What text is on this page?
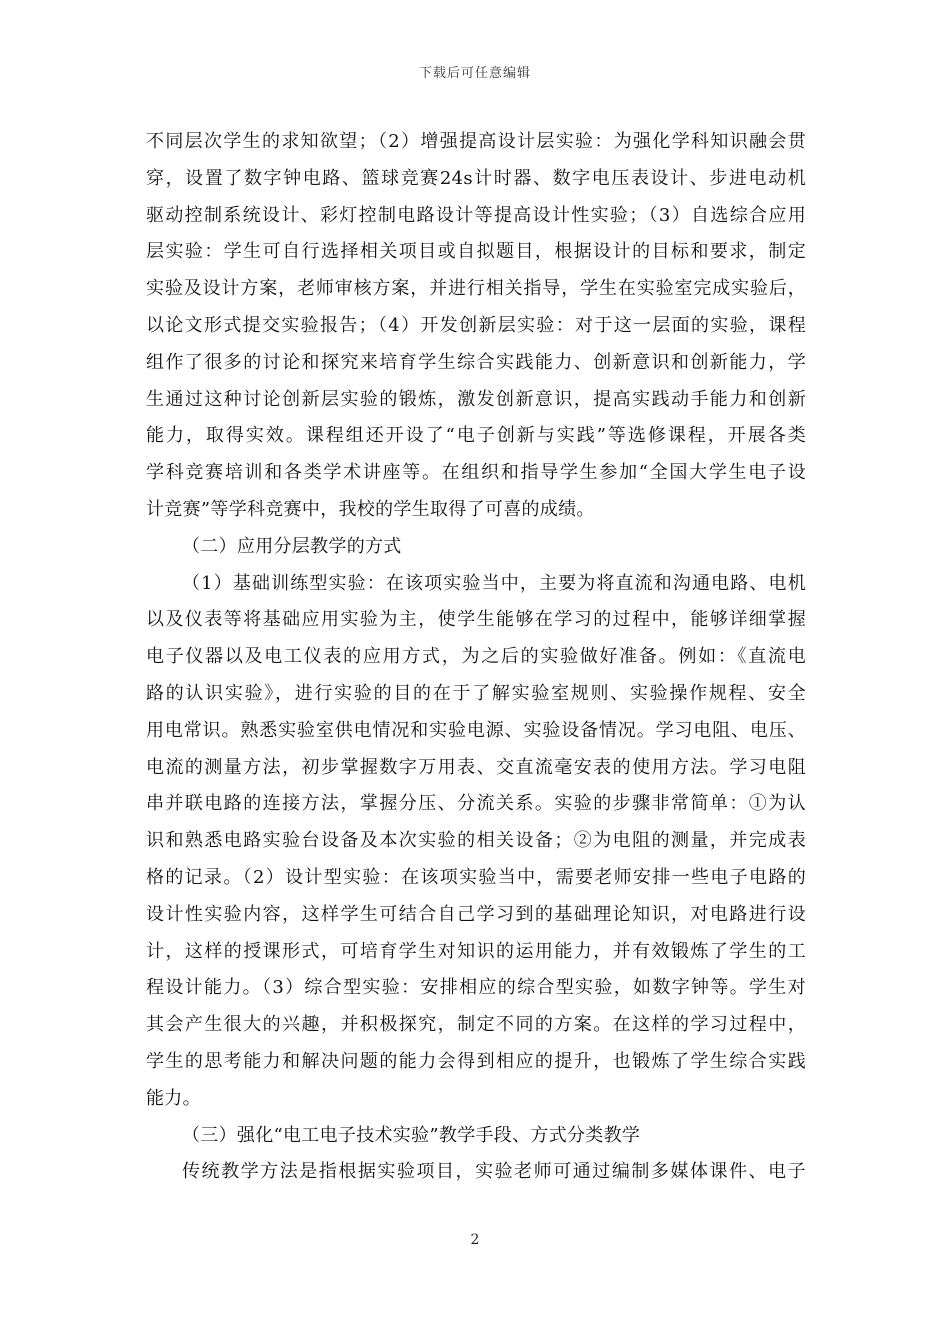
下载后可任意编辑
不同层次学生的求知欲望；（2）增强提高设计层实验：为强化学科知识融会贯
穿，设置了数字钟电路、篮球竞赛24s计时器、数字电压表设计、步进电动机
驱动控制系统设计、彩灯控制电路设计等提高设计性实验；（3）自选综合应用
层实验：学生可自行选择相关项目或自拟题目，根据设计的目标和要求，制定
实验及设计方案，老师审核方案，并进行相关指导，学生在实验室完成实验后，
以论文形式提交实验报告；（4）开发创新层实验：对于这一层面的实验，课程
组作了很多的讨论和探究来培育学生综合实践能力、创新意识和创新能力，学
生通过这种讨论创新层实验的锻炼，激发创新意识，提高实践动手能力和创新
能力，取得实效。课程组还开设了“电子创新与实践”等选修课程，开展各类
学科竞赛培训和各类学术讲座等。在组织和指导学生参加“全国大学生电子设
计竞赛”等学科竞赛中，我校的学生取得了可喜的成绩。
（二）应用分层教学的方式
（1）基础训练型实验：在该项实验当中，主要为将直流和沟通电路、电机
以及仪表等将基础应用实验为主，使学生能够在学习的过程中，能够详细掌握
电子仪器以及电工仪表的应用方式，为之后的实验做好准备。例如：《直流电
路的认识实验》，进行实验的目的在于了解实验室规则、实验操作规程、安全
用电常识。熟悉实验室供电情况和实验电源、实验设备情况。学习电阻、电压、
电流的测量方法，初步掌握数字万用表、交直流毫安表的使用方法。学习电阻
串并联电路的连接方法，掌握分压、分流关系。实验的步骤非常简单：①为认
识和熟悉电路实验台设备及本次实验的相关设备；②为电阻的测量，并完成表
格的记录。（2）设计型实验：在该项实验当中，需要老师安排一些电子电路的
设计性实验内容，这样学生可结合自己学习到的基础理论知识，对电路进行设
计，这样的授课形式，可培育学生对知识的运用能力，并有效锻炼了学生的工
程设计能力。（3）综合型实验：安排相应的综合型实验，如数字钟等。学生对
其会产生很大的兴趣，并积极探究，制定不同的方案。在这样的学习过程中，
学生的思考能力和解决问题的能力会得到相应的提升，也锻炼了学生综合实践
能力。
（三）强化“电工电子技术实验”教学手段、方式分类教学
传统教学方法是指根据实验项目，实验老师可通过编制多媒体课件、电子
2
